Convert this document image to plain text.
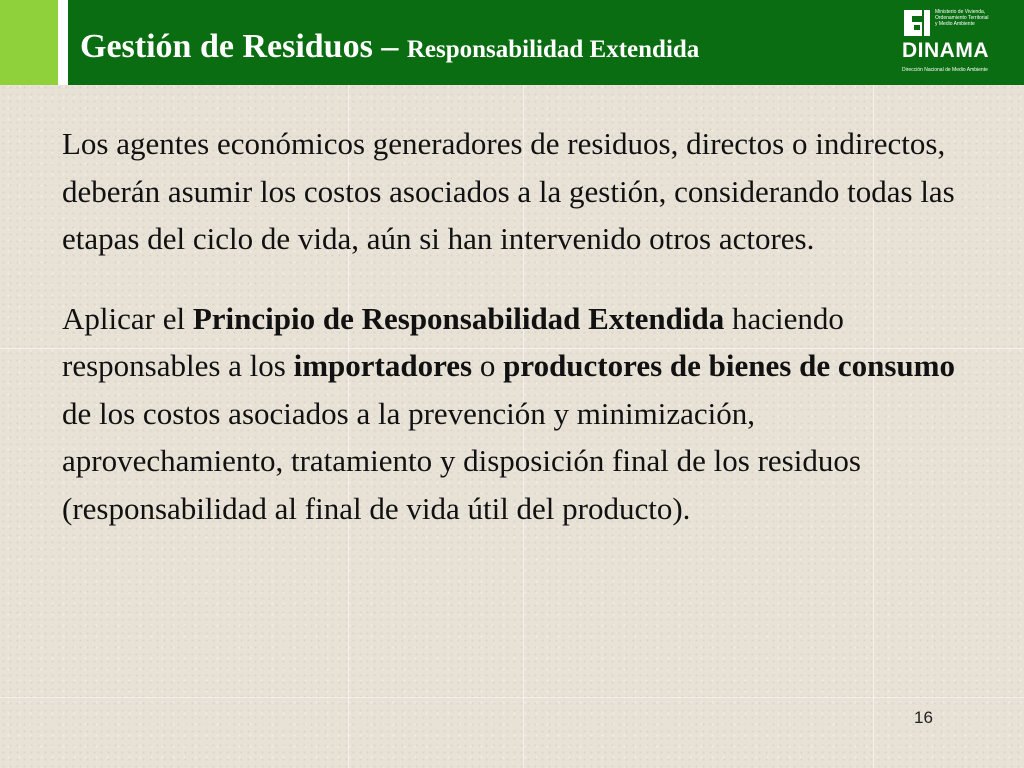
Gestión de Residuos – Responsabilidad Extendida
Ministerio de Vivienda,
Ordenamiento Territorial
y Medio Ambiente
DINAMA
Dirección Nacional de Medio Ambiente

Los agentes económicos generadores de residuos, directos o indirectos, deberán asumir los costos asociados a la gestión, considerando todas las etapas del ciclo de vida, aún si han intervenido otros actores.

Aplicar el Principio de Responsabilidad Extendida haciendo responsables a los importadores o productores de bienes de consumo de los costos asociados a la prevención y minimización, aprovechamiento, tratamiento y disposición final de los residuos (responsabilidad al final de vida útil del producto).

16
